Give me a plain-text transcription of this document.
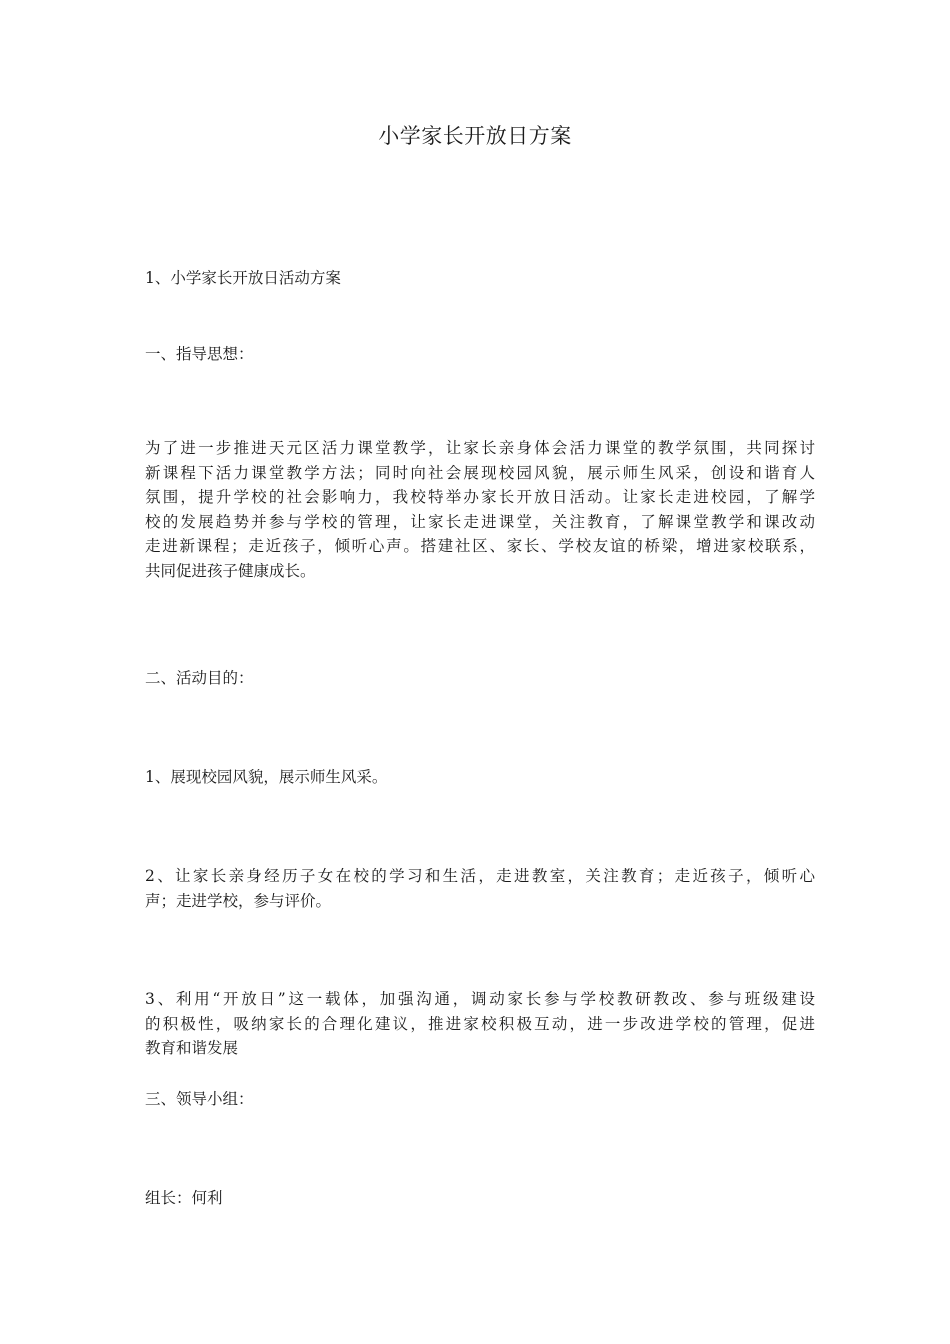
小学家长开放日方案
1、小学家长开放日活动方案
一、指导思想：
为了进一步推进天元区活力课堂教学，让家长亲身体会活力课堂的教学氛围，共同探讨
新课程下活力课堂教学方法；同时向社会展现校园风貌，展示师生风采，创设和谐育人
氛围，提升学校的社会影响力，我校特举办家长开放日活动。让家长走进校园，了解学
校的发展趋势并参与学校的管理，让家长走进课堂，关注教育，了解课堂教学和课改动
走进新课程；走近孩子，倾听心声。搭建社区、家长、学校友谊的桥梁，增进家校联系，
共同促进孩子健康成长。
二、活动目的：
1、展现校园风貌，展示师生风采。
2、让家长亲身经历子女在校的学习和生活，走进教室，关注教育；走近孩子，倾听心
声；走进学校，参与评价。
3、利用“开放日”这一载体，加强沟通，调动家长参与学校教研教改、参与班级建设
的积极性，吸纳家长的合理化建议，推进家校积极互动，进一步改进学校的管理，促进
教育和谐发展
三、领导小组：
组长：何利
